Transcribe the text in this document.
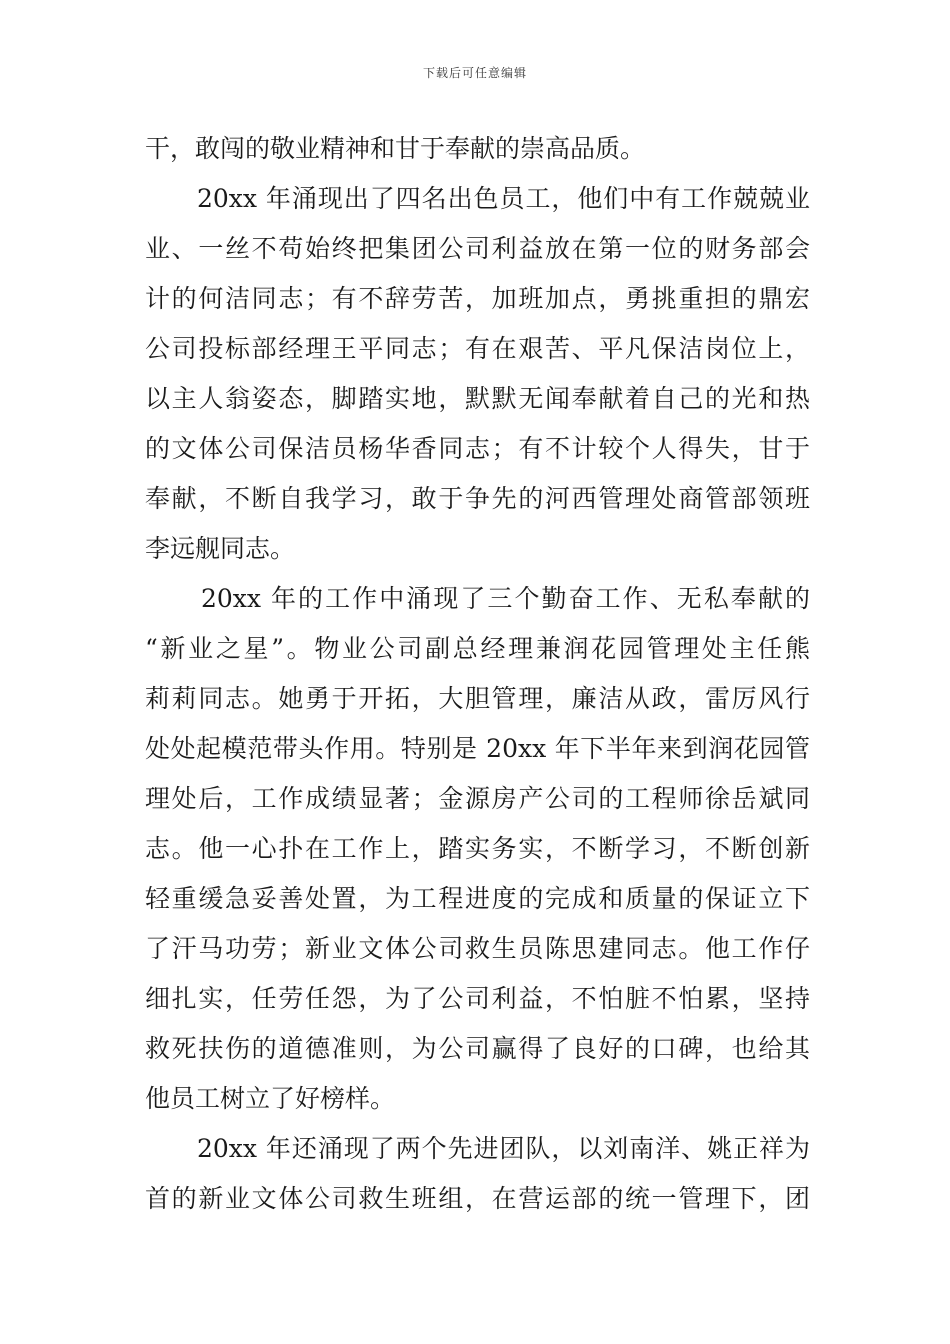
下载后可任意编辑
干，敢闯的敬业精神和甘于奉献的崇高品质。
20xx 年涌现出了四名出色员工，他们中有工作兢兢业
业、一丝不苟始终把集团公司利益放在第一位的财务部会
计的何洁同志；有不辞劳苦，加班加点，勇挑重担的鼎宏
公司投标部经理王平同志；有在艰苦、平凡保洁岗位上，
以主人翁姿态，脚踏实地，默默无闻奉献着自己的光和热
的文体公司保洁员杨华香同志；有不计较个人得失，甘于
奉献，不断自我学习，敢于争先的河西管理处商管部领班
李远舰同志。
20xx 年的工作中涌现了三个勤奋工作、无私奉献的
“新业之星”。物业公司副总经理兼润花园管理处主任熊
莉莉同志。她勇于开拓，大胆管理，廉洁从政，雷厉风行
处处起模范带头作用。特别是 20xx 年下半年来到润花园管
理处后，工作成绩显著；金源房产公司的工程师徐岳斌同
志。他一心扑在工作上，踏实务实，不断学习，不断创新
轻重缓急妥善处置，为工程进度的完成和质量的保证立下
了汗马功劳；新业文体公司救生员陈思建同志。他工作仔
细扎实，任劳任怨，为了公司利益，不怕脏不怕累，坚持
救死扶伤的道德准则，为公司赢得了良好的口碑，也给其
他员工树立了好榜样。
20xx 年还涌现了两个先进团队，以刘南洋、姚正祥为
首的新业文体公司救生班组，在营运部的统一管理下，团
